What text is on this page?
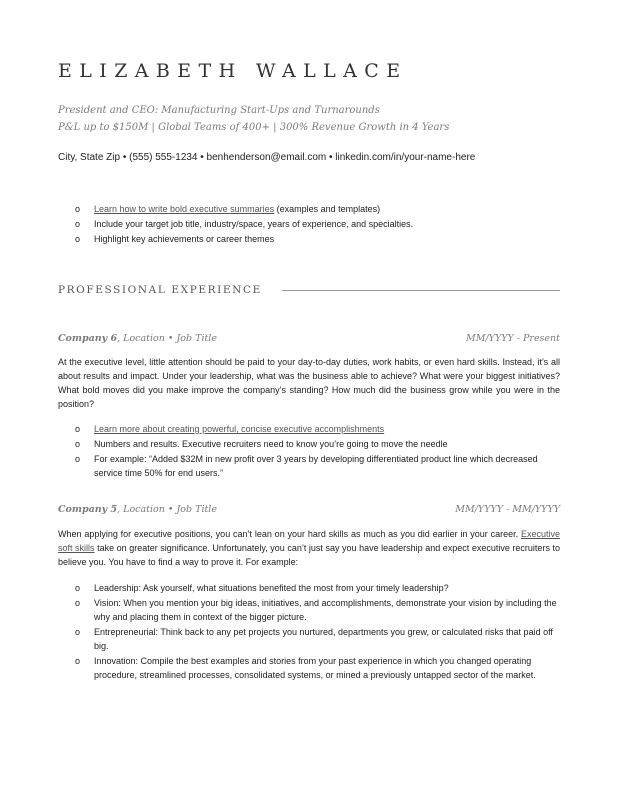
ELIZABETH WALLACE
President and CEO: Manufacturing Start-Ups and Turnarounds
P&L up to $150M | Global Teams of 400+ | 300% Revenue Growth in 4 Years
City, State Zip • (555) 555-1234 • benhenderson@email.com • linkedin.com/in/your-name-here
o Learn how to write bold executive summaries (examples and templates)
o Include your target job title, industry/space, years of experience, and specialties.
o Highlight key achievements or career themes
PROFESSIONAL EXPERIENCE
Company 6, Location • Job Title	MM/YYYY - Present

At the executive level, little attention should be paid to your day-to-day duties, work habits, or even hard skills. Instead, it’s all about results and impact. Under your leadership, what was the business able to achieve? What were your biggest initiatives? What bold moves did you make improve the company’s standing? How much did the business grow while you were in the position?

o Learn more about creating powerful, concise executive accomplishments
o Numbers and results. Executive recruiters need to know you’re going to move the needle
o For example: “Added $32M in new profit over 3 years by developing differentiated product line which decreased service time 50% for end users.”
Company 5, Location • Job Title	MM/YYYY - MM/YYYY

When applying for executive positions, you can’t lean on your hard skills as much as you did earlier in your career. Executive soft skills take on greater significance. Unfortunately, you can’t just say you have leadership and expect executive recruiters to believe you. You have to find a way to prove it. For example:

o Leadership: Ask yourself, what situations benefited the most from your timely leadership?
o Vision: When you mention your big ideas, initiatives, and accomplishments, demonstrate your vision by including the why and placing them in context of the bigger picture.
o Entrepreneurial: Think back to any pet projects you nurtured, departments you grew, or calculated risks that paid off big.
o Innovation: Compile the best examples and stories from your past experience in which you changed operating procedure, streamlined processes, consolidated systems, or mined a previously untapped sector of the market.
